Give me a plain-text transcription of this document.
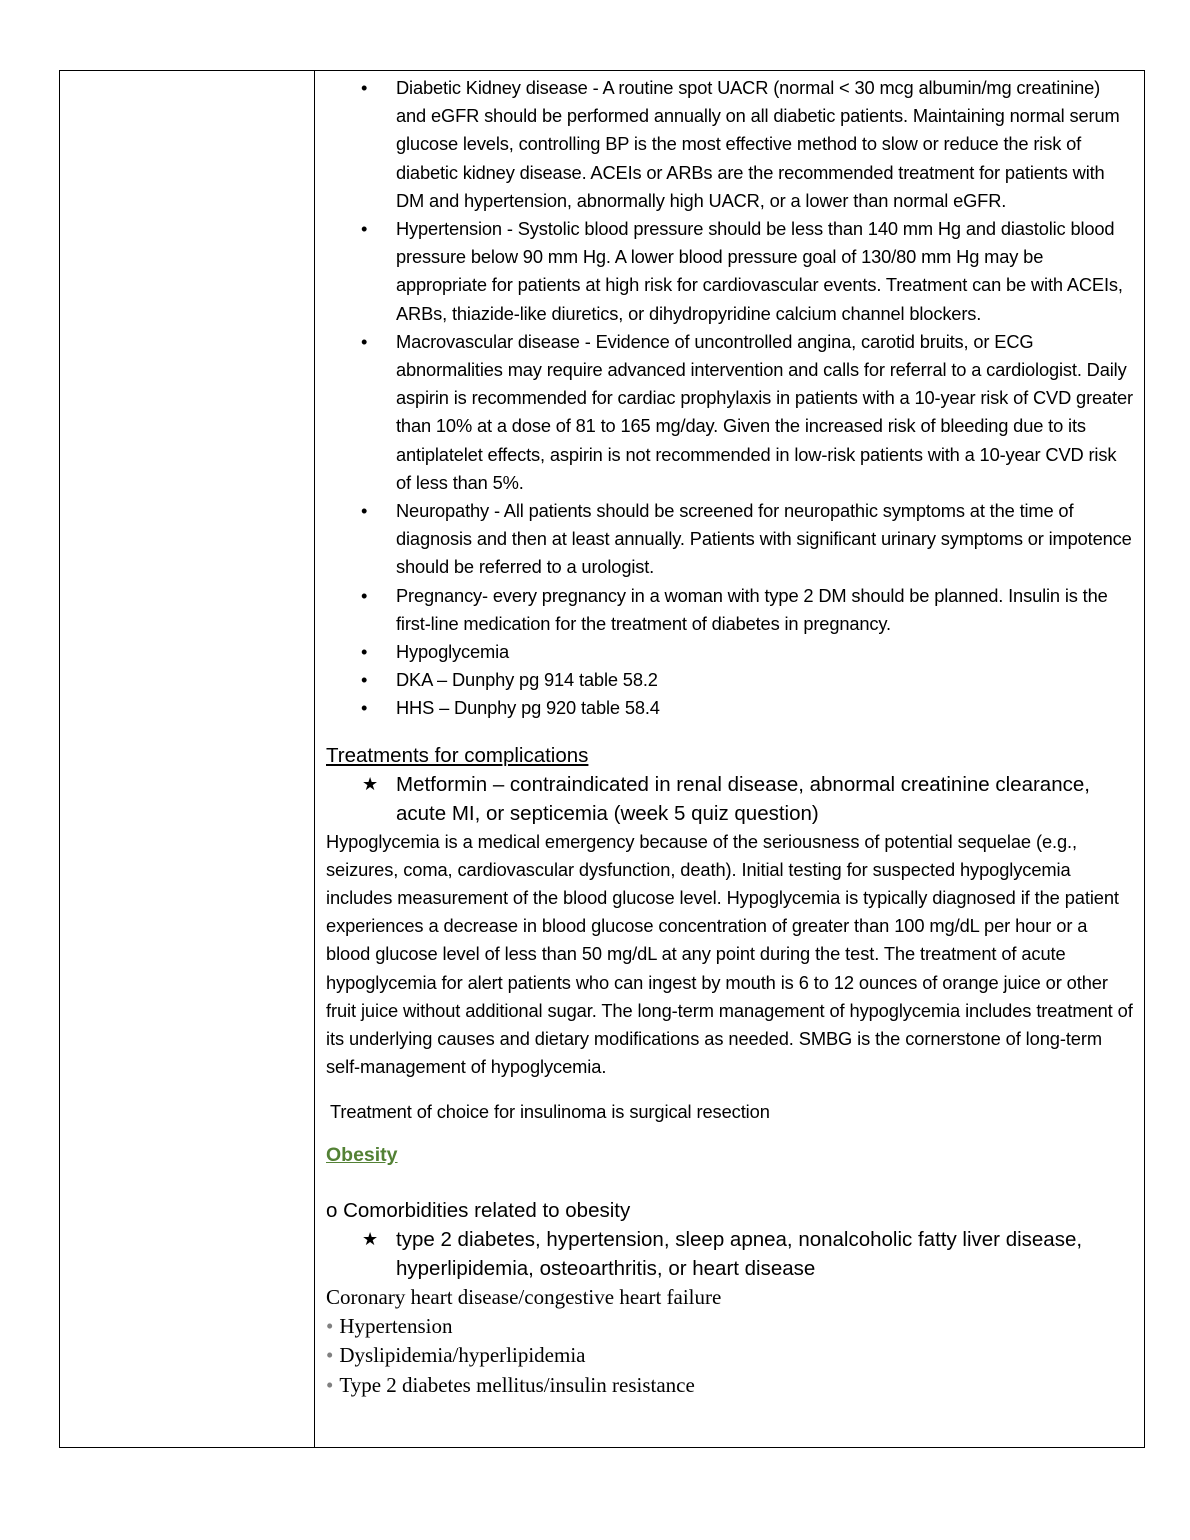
• Diabetic Kidney disease - A routine spot UACR (normal < 30 mcg albumin/mg creatinine) and eGFR should be performed annually on all diabetic patients. Maintaining normal serum glucose levels, controlling BP is the most effective method to slow or reduce the risk of diabetic kidney disease. ACEIs or ARBs are the recommended treatment for patients with DM and hypertension, abnormally high UACR, or a lower than normal eGFR.
• Hypertension - Systolic blood pressure should be less than 140 mm Hg and diastolic blood pressure below 90 mm Hg. A lower blood pressure goal of 130/80 mm Hg may be appropriate for patients at high risk for cardiovascular events. Treatment can be with ACEIs, ARBs, thiazide-like diuretics, or dihydropyridine calcium channel blockers.
• Macrovascular disease - Evidence of uncontrolled angina, carotid bruits, or ECG abnormalities may require advanced intervention and calls for referral to a cardiologist. Daily aspirin is recommended for cardiac prophylaxis in patients with a 10-year risk of CVD greater than 10% at a dose of 81 to 165 mg/day. Given the increased risk of bleeding due to its antiplatelet effects, aspirin is not recommended in low-risk patients with a 10-year CVD risk of less than 5%.
• Neuropathy - All patients should be screened for neuropathic symptoms at the time of diagnosis and then at least annually. Patients with significant urinary symptoms or impotence should be referred to a urologist.
• Pregnancy- every pregnancy in a woman with type 2 DM should be planned. Insulin is the first-line medication for the treatment of diabetes in pregnancy.
• Hypoglycemia
• DKA – Dunphy pg 914 table 58.2
• HHS – Dunphy pg 920 table 58.4
Treatments for complications
★ Metformin – contraindicated in renal disease, abnormal creatinine clearance, acute MI, or septicemia (week 5 quiz question)

Hypoglycemia is a medical emergency because of the seriousness of potential sequelae (e.g., seizures, coma, cardiovascular dysfunction, death). Initial testing for suspected hypoglycemia includes measurement of the blood glucose level. Hypoglycemia is typically diagnosed if the patient experiences a decrease in blood glucose concentration of greater than 100 mg/dL per hour or a blood glucose level of less than 50 mg/dL at any point during the test. The treatment of acute hypoglycemia for alert patients who can ingest by mouth is 6 to 12 ounces of orange juice or other fruit juice without additional sugar. The long-term management of hypoglycemia includes treatment of its underlying causes and dietary modifications as needed. SMBG is the cornerstone of long-term self-management of hypoglycemia.

Treatment of choice for insulinoma is surgical resection

Obesity
o Comorbidities related to obesity
★ type 2 diabetes, hypertension, sleep apnea, nonalcoholic fatty liver disease, hyperlipidemia, osteoarthritis, or heart disease
Coronary heart disease/congestive heart failure
• Hypertension
• Dyslipidemia/hyperlipidemia
• Type 2 diabetes mellitus/insulin resistance
